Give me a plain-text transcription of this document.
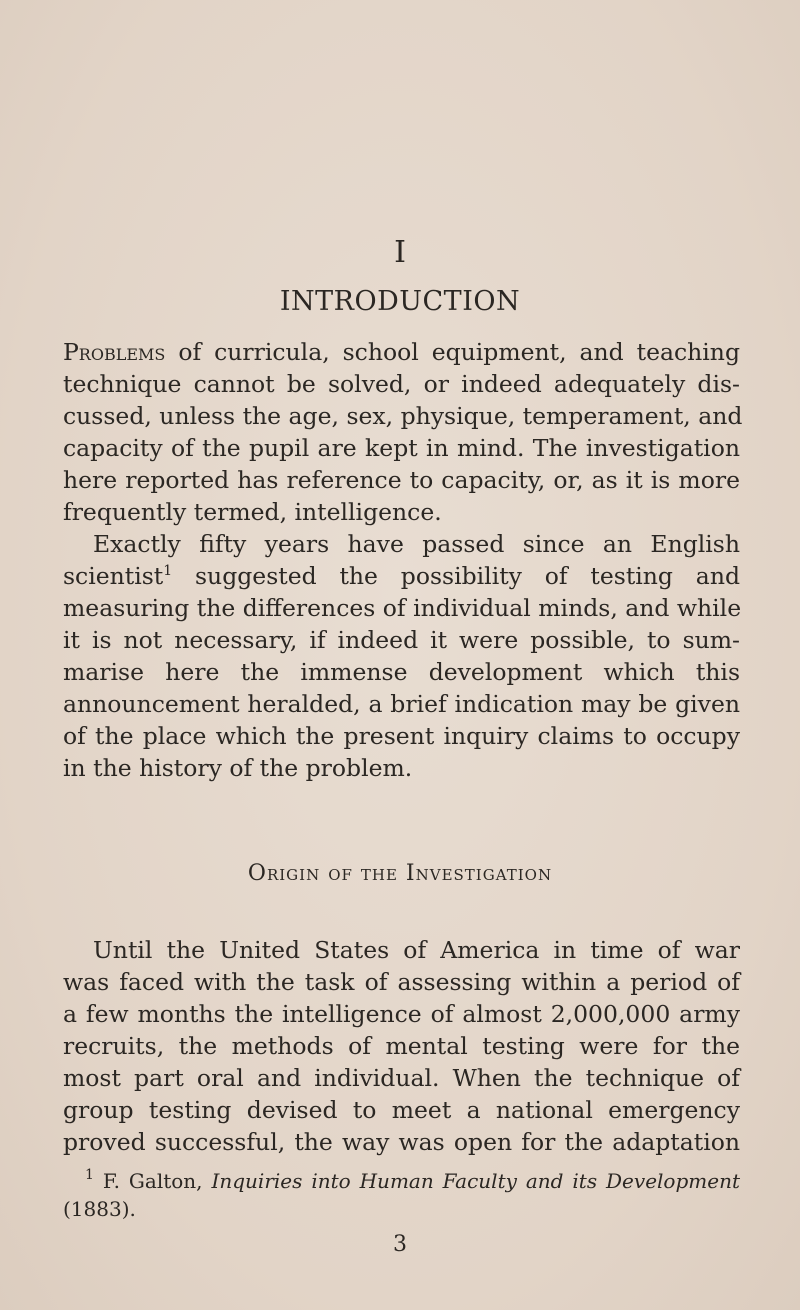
I
INTRODUCTION
Problems of curricula, school equipment, and teaching
technique cannot be solved, or indeed adequately dis-
cussed, unless the age, sex, physique, temperament, and
capacity of the pupil are kept in mind. The investigation
here reported has reference to capacity, or, as it is more
frequently termed, intelligence.
Exactly fifty years have passed since an English
scientist$^1$ suggested the possibility of testing and
measuring the differences of individual minds, and while
it is not necessary, if indeed it were possible, to sum-
marise here the immense development which this
announcement heralded, a brief indication may be given
of the place which the present inquiry claims to occupy
in the history of the problem.
Origin of the Investigation
Until the United States of America in time of war
was faced with the task of assessing within a period of
a few months the intelligence of almost 2,000,000 army
recruits, the methods of mental testing were for the
most part oral and individual. When the technique of
group testing devised to meet a national emergency
proved successful, the way was open for the adaptation
$^1$ F. Galton, Inquiries into Human Faculty and its Development
(1883).
3
